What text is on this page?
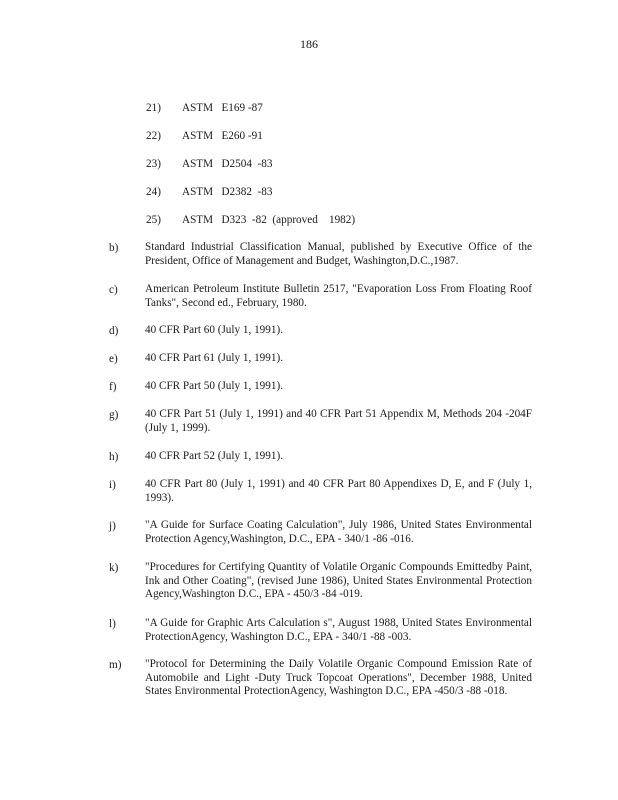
186
21) ASTM   E169 -87
22) ASTM   E260 -91
23) ASTM   D2504  -83
24) ASTM   D2382  -83
25) ASTM   D323  -82  (approved    1982)
b) Standard Industrial Classification Manual, published by Executive Office of the President, Office of Management and Budget, Washington,D.C.,1987.
c) American Petroleum Institute Bulletin 2517, "Evaporation Loss From Floating Roof Tanks", Second ed., February, 1980.
d) 40 CFR Part 60 (July 1, 1991).
e) 40 CFR Part 61 (July 1, 1991).
f)	40 CFR Part 50 (July 1, 1991).
g) 40 CFR Part 51 (July 1, 1991) and 40 CFR Part 51 Appendix M, Methods 204 -204F (July 1, 1999).
h) 40 CFR Part 52 (July 1, 1991).
i)	40 CFR Part 80 (July 1, 1991) and 40 CFR Part 80 Appendixes D, E, and F (July 1, 1993).
j)	"A Guide for Surface Coating Calculation", July 1986, United States Environmental Protection Agency,Washington, D.C., EPA - 340/1 -86 -016.
k) "Procedures for Certifying Quantity of Volatile Organic Compounds Emittedby Paint, Ink and Other Coating", (revised June 1986), United States Environmental Protection Agency,Washington D.C., EPA - 450/3 -84 -019.
l)	"A Guide for Graphic Arts Calculation s", August 1988, United States Environmental ProtectionAgency, Washington D.C., EPA - 340/1 -88 -003.
m) "Protocol for Determining the Daily Volatile Organic Compound Emission Rate of Automobile and Light -Duty Truck Topcoat Operations", December 1988, United States Environmental ProtectionAgency, Washington D.C., EPA -450/3 -88 -018.
